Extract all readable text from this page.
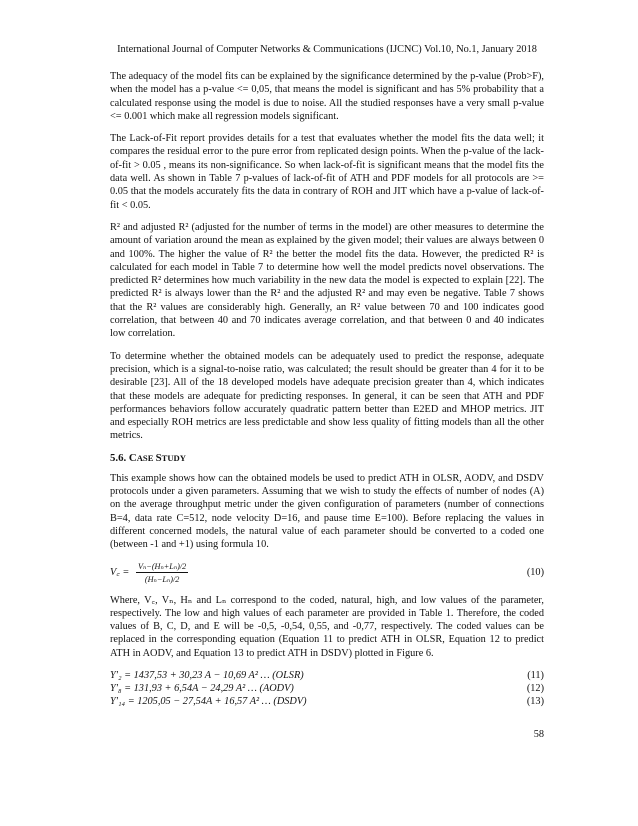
International Journal of Computer Networks & Communications (IJCNC) Vol.10, No.1, January 2018

The adequacy of the model fits can be explained by the significance determined by the p-value (Prob>F), when the model has a p-value <= 0,05, that means the model is significant and has 5% probability that a calculated response using the model is due to noise. All the studied responses have a very small p-value <= 0.001 which make all regression models significant.

The Lack-of-Fit report provides details for a test that evaluates whether the model fits the data well; it compares the residual error to the pure error from replicated design points. When the p-value of the lack-of-fit > 0.05 , means its non-significance. So when lack-of-fit is significant means that the model fits the data well. As shown in Table 7 p-values of lack-of-fit of ATH and PDF models for all protocols are >= 0.05 that the models accurately fits the data in contrary of ROH and JIT which have a p-value of lack-of-fit < 0.05.

R² and adjusted R² (adjusted for the number of terms in the model) are other measures to determine the amount of variation around the mean as explained by the given model; their values are always between 0 and 100%. The higher the value of R² the better the model fits the data. However, the predicted R² is calculated for each model in Table 7 to determine how well the model predicts novel observations. The predicted R² determines how much variability in the new data the model is expected to explain [22]. The predicted R² is always lower than the R² and the adjusted R² and may even be negative. Table 7 shows that the R² values are considerably high. Generally, an R² value between 70 and 100 indicates good correlation, that between 40 and 70 indicates average correlation, and that between 0 and 40 indicates low correlation.

To determine whether the obtained models can be adequately used to predict the response, adequate precision, which is a signal-to-noise ratio, was calculated; the result should be greater than 4 for it to be desirable [23]. All of the 18 developed models have adequate precision greater than 4, which indicates that these models are adequate for predicting responses. In general, it can be seen that ATH and PDF performances behaviors follow accurately quadratic pattern better than E2ED and MHOP metrics. JIT and especially ROH metrics are less predictable and show less quality of fitting models than all the other metrics.

5.6. CASE STUDY

This example shows how can the obtained models be used to predict ATH in OLSR, AODV, and DSDV protocols under a given parameters. Assuming that we wish to study the effects of number of nodes (A) on the average throughput metric under the given configuration of parameters (number of connections B=4, data rate C=512, node velocity D=16, and pause time E=100). Before replacing the values in different concerned models, the natural value of each parameter should be converted to a coded one (between -1 and +1) using formula 10.

V꜀ = $\frac{\text{Vₙ−(Hₙ+Lₙ)/2}}{\text{(Hₙ−Lₙ)/2}}$	(10)

Where, V꜀, Vₙ, Hₙ and Lₙ correspond to the coded, natural, high, and low values of the parameter, respectively. The low and high values of each parameter are provided in Table 1. Therefore, the coded values of B, C, D, and E will be -0,5, -0,54, 0,55, and -0,77, respectively. The coded values can be replaced in the corresponding equation (Equation 11 to predict ATH in OLSR, Equation 12 to predict ATH in AODV, and Equation 13 to predict ATH in DSDV) plotted in Figure 6.

Y′₂ = 1437,53 + 30,23 A − 10,69 A² … (OLSR)	(11)
Y′₈ = 131,93 + 6,54A − 24,29 A² … (AODV)	(12)
Y′₁₄ = 1205,05 − 27,54A + 16,57 A² … (DSDV)	(13)
58
